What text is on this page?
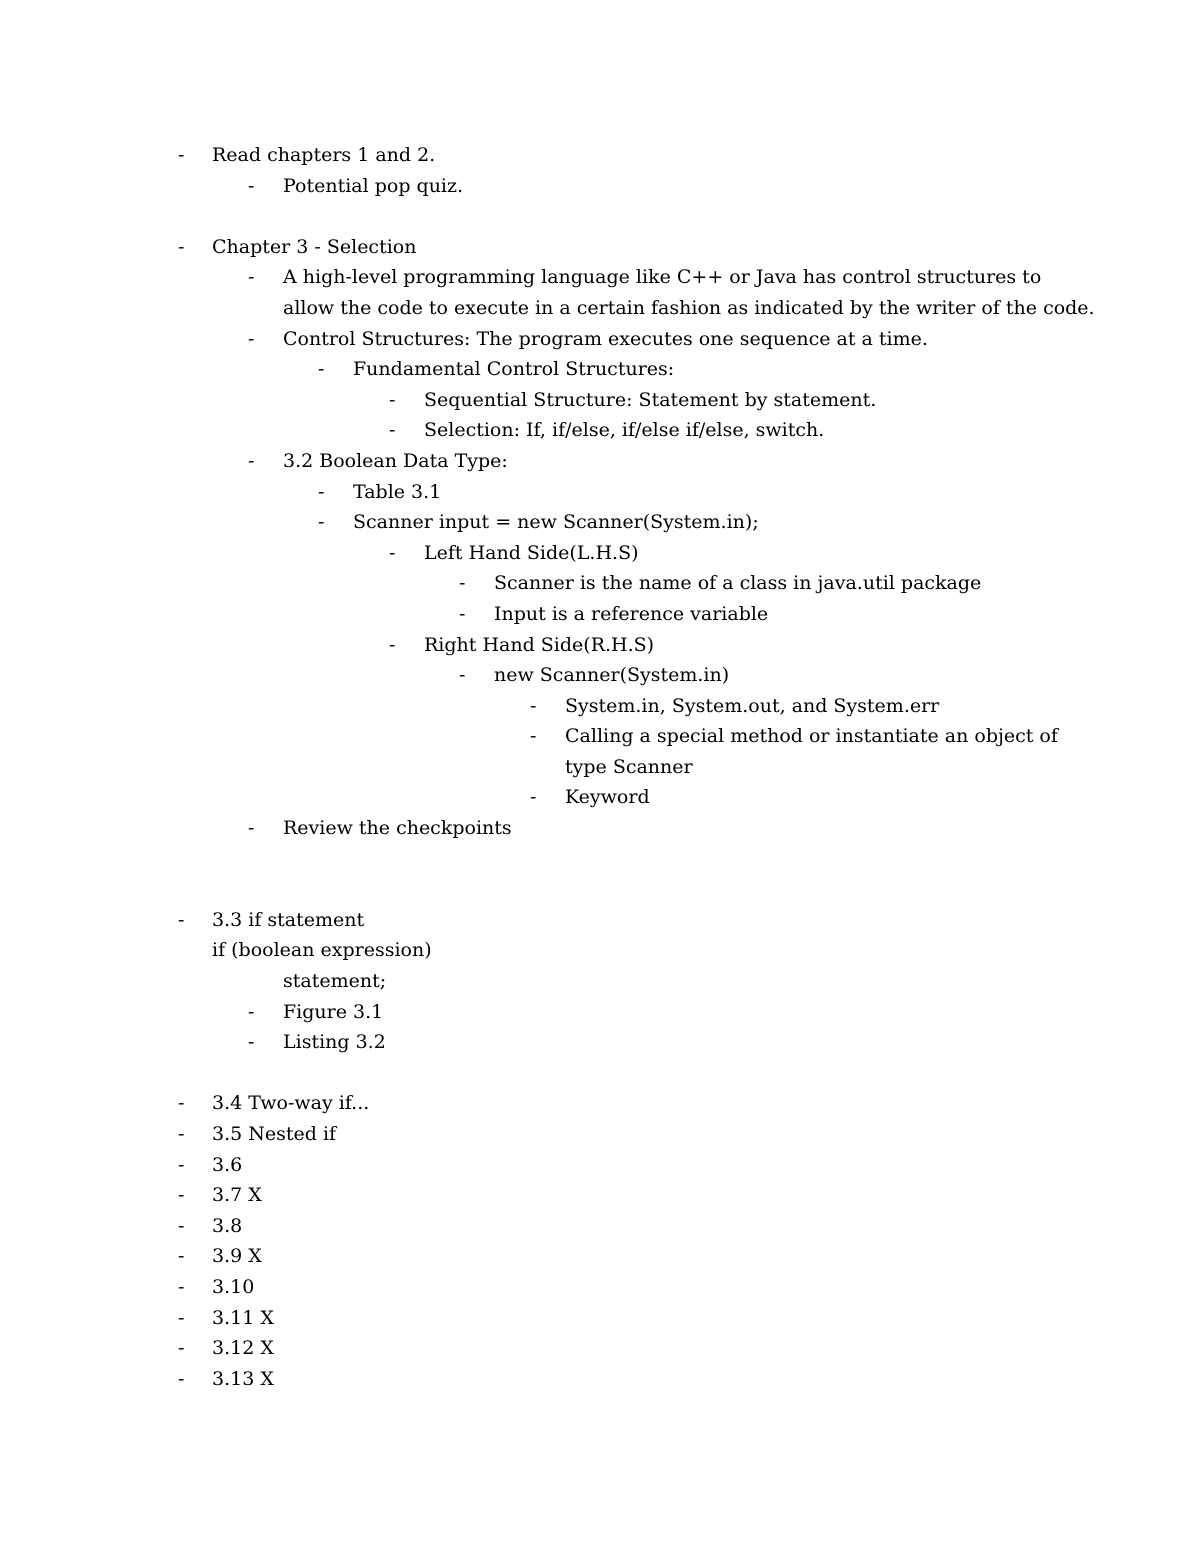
- Read chapters 1 and 2.
- Potential pop quiz.
- Chapter 3 - Selection
- A high-level programming language like C++ or Java has control structures to
allow the code to execute in a certain fashion as indicated by the writer of the code.
- Control Structures: The program executes one sequence at a time.
- Fundamental Control Structures:
- Sequential Structure: Statement by statement.
- Selection: If, if/else, if/else if/else, switch.
- 3.2 Boolean Data Type:
- Table 3.1
- Scanner input = new Scanner(System.in);
- Left Hand Side(L.H.S)
- Scanner is the name of a class in java.util package
- Input is a reference variable
- Right Hand Side(R.H.S)
- new Scanner(System.in)
- System.in, System.out, and System.err
- Calling a special method or instantiate an object of
type Scanner
- Keyword
- Review the checkpoints
- 3.3 if statement
if (boolean expression)
statement;
- Figure 3.1
- Listing 3.2
- 3.4 Two-way if...
- 3.5 Nested if
- 3.6
- 3.7 X
- 3.8
- 3.9 X
- 3.10
- 3.11 X
- 3.12 X
- 3.13 X
